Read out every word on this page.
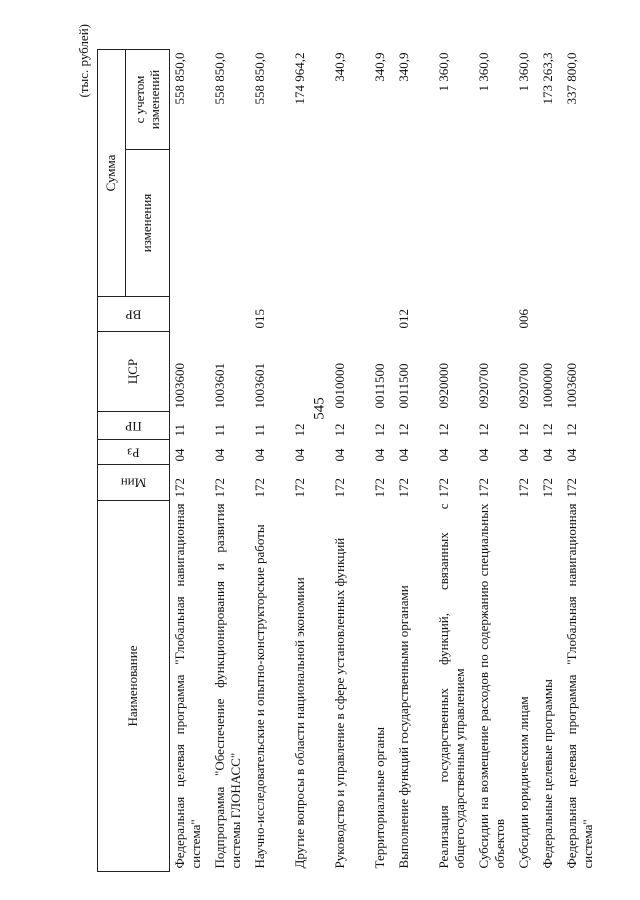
545
(тыс. рублей)
Наименование	Мин	Рз	ПР	ЦСР	ВР	Сумма	
						изменения	с учетом изменений

Федеральная целевая программа "Глобальная навигационная система"	172	04	11	1003600			558 850,0
Подпрограмма "Обеспечение функционирования и развития системы ГЛОНАСС"	172	04	11	1003601			558 850,0
Научно-исследовательские и опытно-конструкторские работы	172	04	11	1003601	015		558 850,0
Другие вопросы в области национальной экономики	172	04	12				174 964,2
Руководство и управление в сфере установленных функций	172	04	12	0010000			340,9
Территориальные органы	172	04	12	0011500			340,9
Выполнение функций государственными органами	172	04	12	0011500	012		340,9
Реализация государственных функций, связанных с общегосударственным управлением	172	04	12	0920000			1 360,0
Субсидии на возмещение расходов по содержанию специальных объектов	172	04	12	0920700			1 360,0
Субсидии юридическим лицам	172	04	12	0920700	006		1 360,0
Федеральные целевые программы	172	04	12	1000000			173 263,3
Федеральная целевая программа "Глобальная навигационная система"	172	04	12	1003600			337 800,0
